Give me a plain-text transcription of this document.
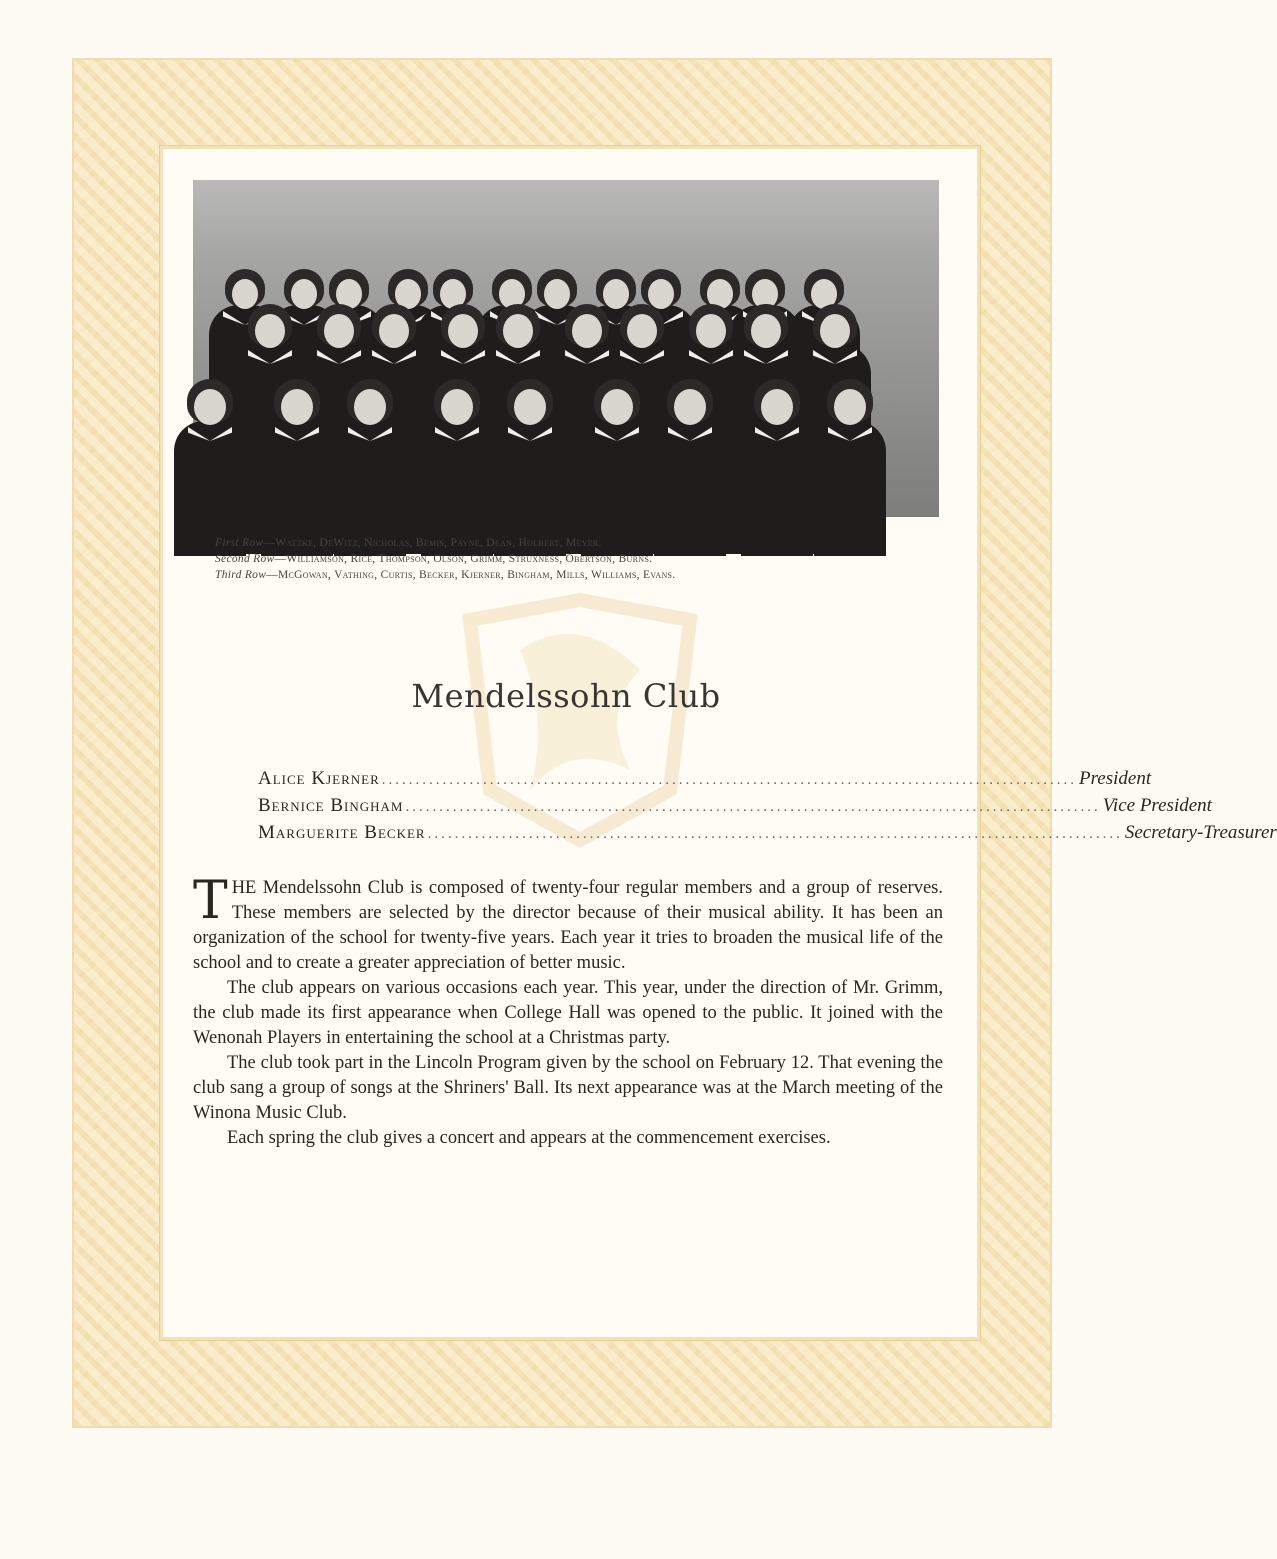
First Row—Watzke, DeWitz, Nicholas, Bemis, Payne, Dean, Holbert, Meyer.
Second Row—Williamson, Rice, Thompson, Olson, Grimm, Struxness, Obertson, Burns.
Third Row—McGowan, Vathing, Curtis, Becker, Kjerner, Bingham, Mills, Williams, Evans.
Mendelssohn Club
Alice Kjerner ....................................................................................................... President
Bernice Bingham ....................................................................................................... Vice President
Marguerite Becker ....................................................................................................... Secretary-Treasurer

THE Mendelssohn Club is composed of twenty-four regular members and a group of reserves. These members are selected by the director because of their musical ability. It has been an organization of the school for twenty-five years. Each year it tries to broaden the musical life of the school and to create a greater appreciation of better music.

The club appears on various occasions each year. This year, under the direction of Mr. Grimm, the club made its first appearance when College Hall was opened to the public. It joined with the Wenonah Players in entertaining the school at a Christmas party.

The club took part in the Lincoln Program given by the school on February 12. That evening the club sang a group of songs at the Shriners' Ball. Its next appearance was at the March meeting of the Winona Music Club.

Each spring the club gives a concert and appears at the commencement exercises.
